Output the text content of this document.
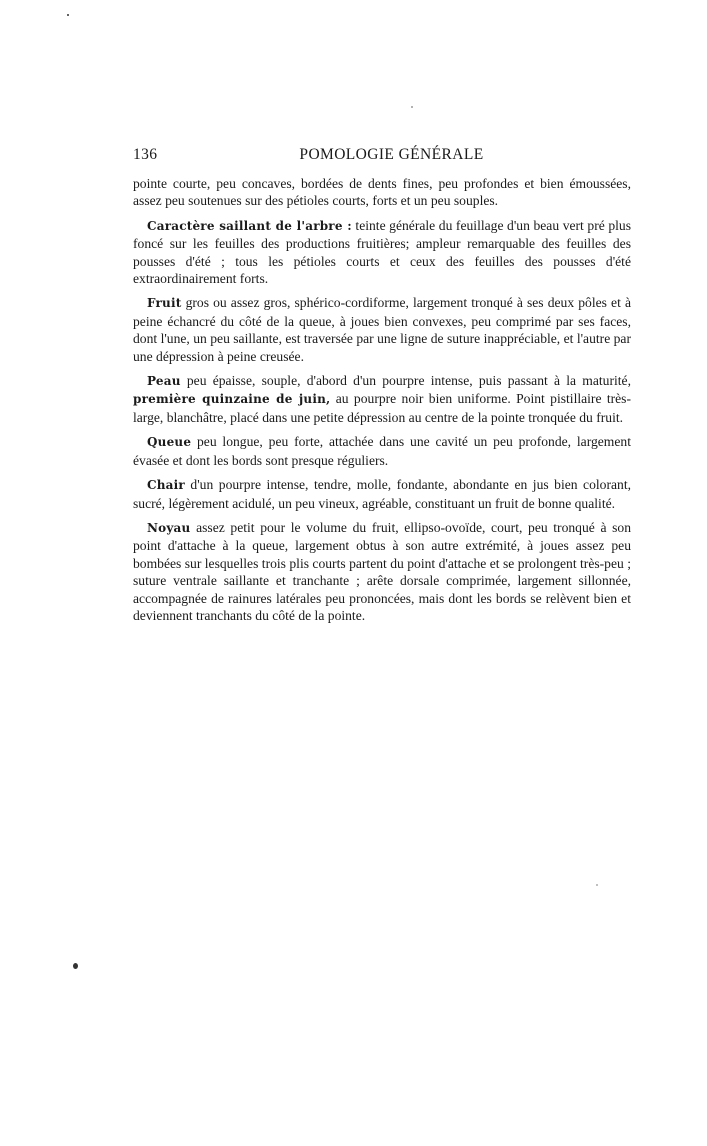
136	POMOLOGIE GÉNÉRALE

pointe courte, peu concaves, bordées de dents fines, peu profondes et bien émoussées, assez peu soutenues sur des pétioles courts, forts et un peu souples.

Caractère saillant de l'arbre : teinte générale du feuillage d'un beau vert pré plus foncé sur les feuilles des productions fruitières; ampleur remarquable des feuilles des pousses d'été ; tous les pétioles courts et ceux des feuilles des pousses d'été extraordinairement forts.

Fruit gros ou assez gros, sphérico-cordiforme, largement tronqué à ses deux pôles et à peine échancré du côté de la queue, à joues bien convexes, peu comprimé par ses faces, dont l'une, un peu saillante, est traversée par une ligne de suture inappréciable, et l'autre par une dépression à peine creusée.

Peau peu épaisse, souple, d'abord d'un pourpre intense, puis passant à la maturité, première quinzaine de juin, au pourpre noir bien uniforme. Point pistillaire très-large, blanchâtre, placé dans une petite dépression au centre de la pointe tronquée du fruit.

Queue peu longue, peu forte, attachée dans une cavité un peu profonde, largement évasée et dont les bords sont presque réguliers.

Chair d'un pourpre intense, tendre, molle, fondante, abondante en jus bien colorant, sucré, légèrement acidulé, un peu vineux, agréable, constituant un fruit de bonne qualité.

Noyau assez petit pour le volume du fruit, ellipso-ovoïde, court, peu tronqué à son point d'attache à la queue, largement obtus à son autre extrémité, à joues assez peu bombées sur lesquelles trois plis courts partent du point d'attache et se prolongent très-peu ; suture ventrale saillante et tranchante ; arête dorsale comprimée, largement sillonnée, accompagnée de rainures latérales peu prononcées, mais dont les bords se relèvent bien et deviennent tranchants du côté de la pointe.
